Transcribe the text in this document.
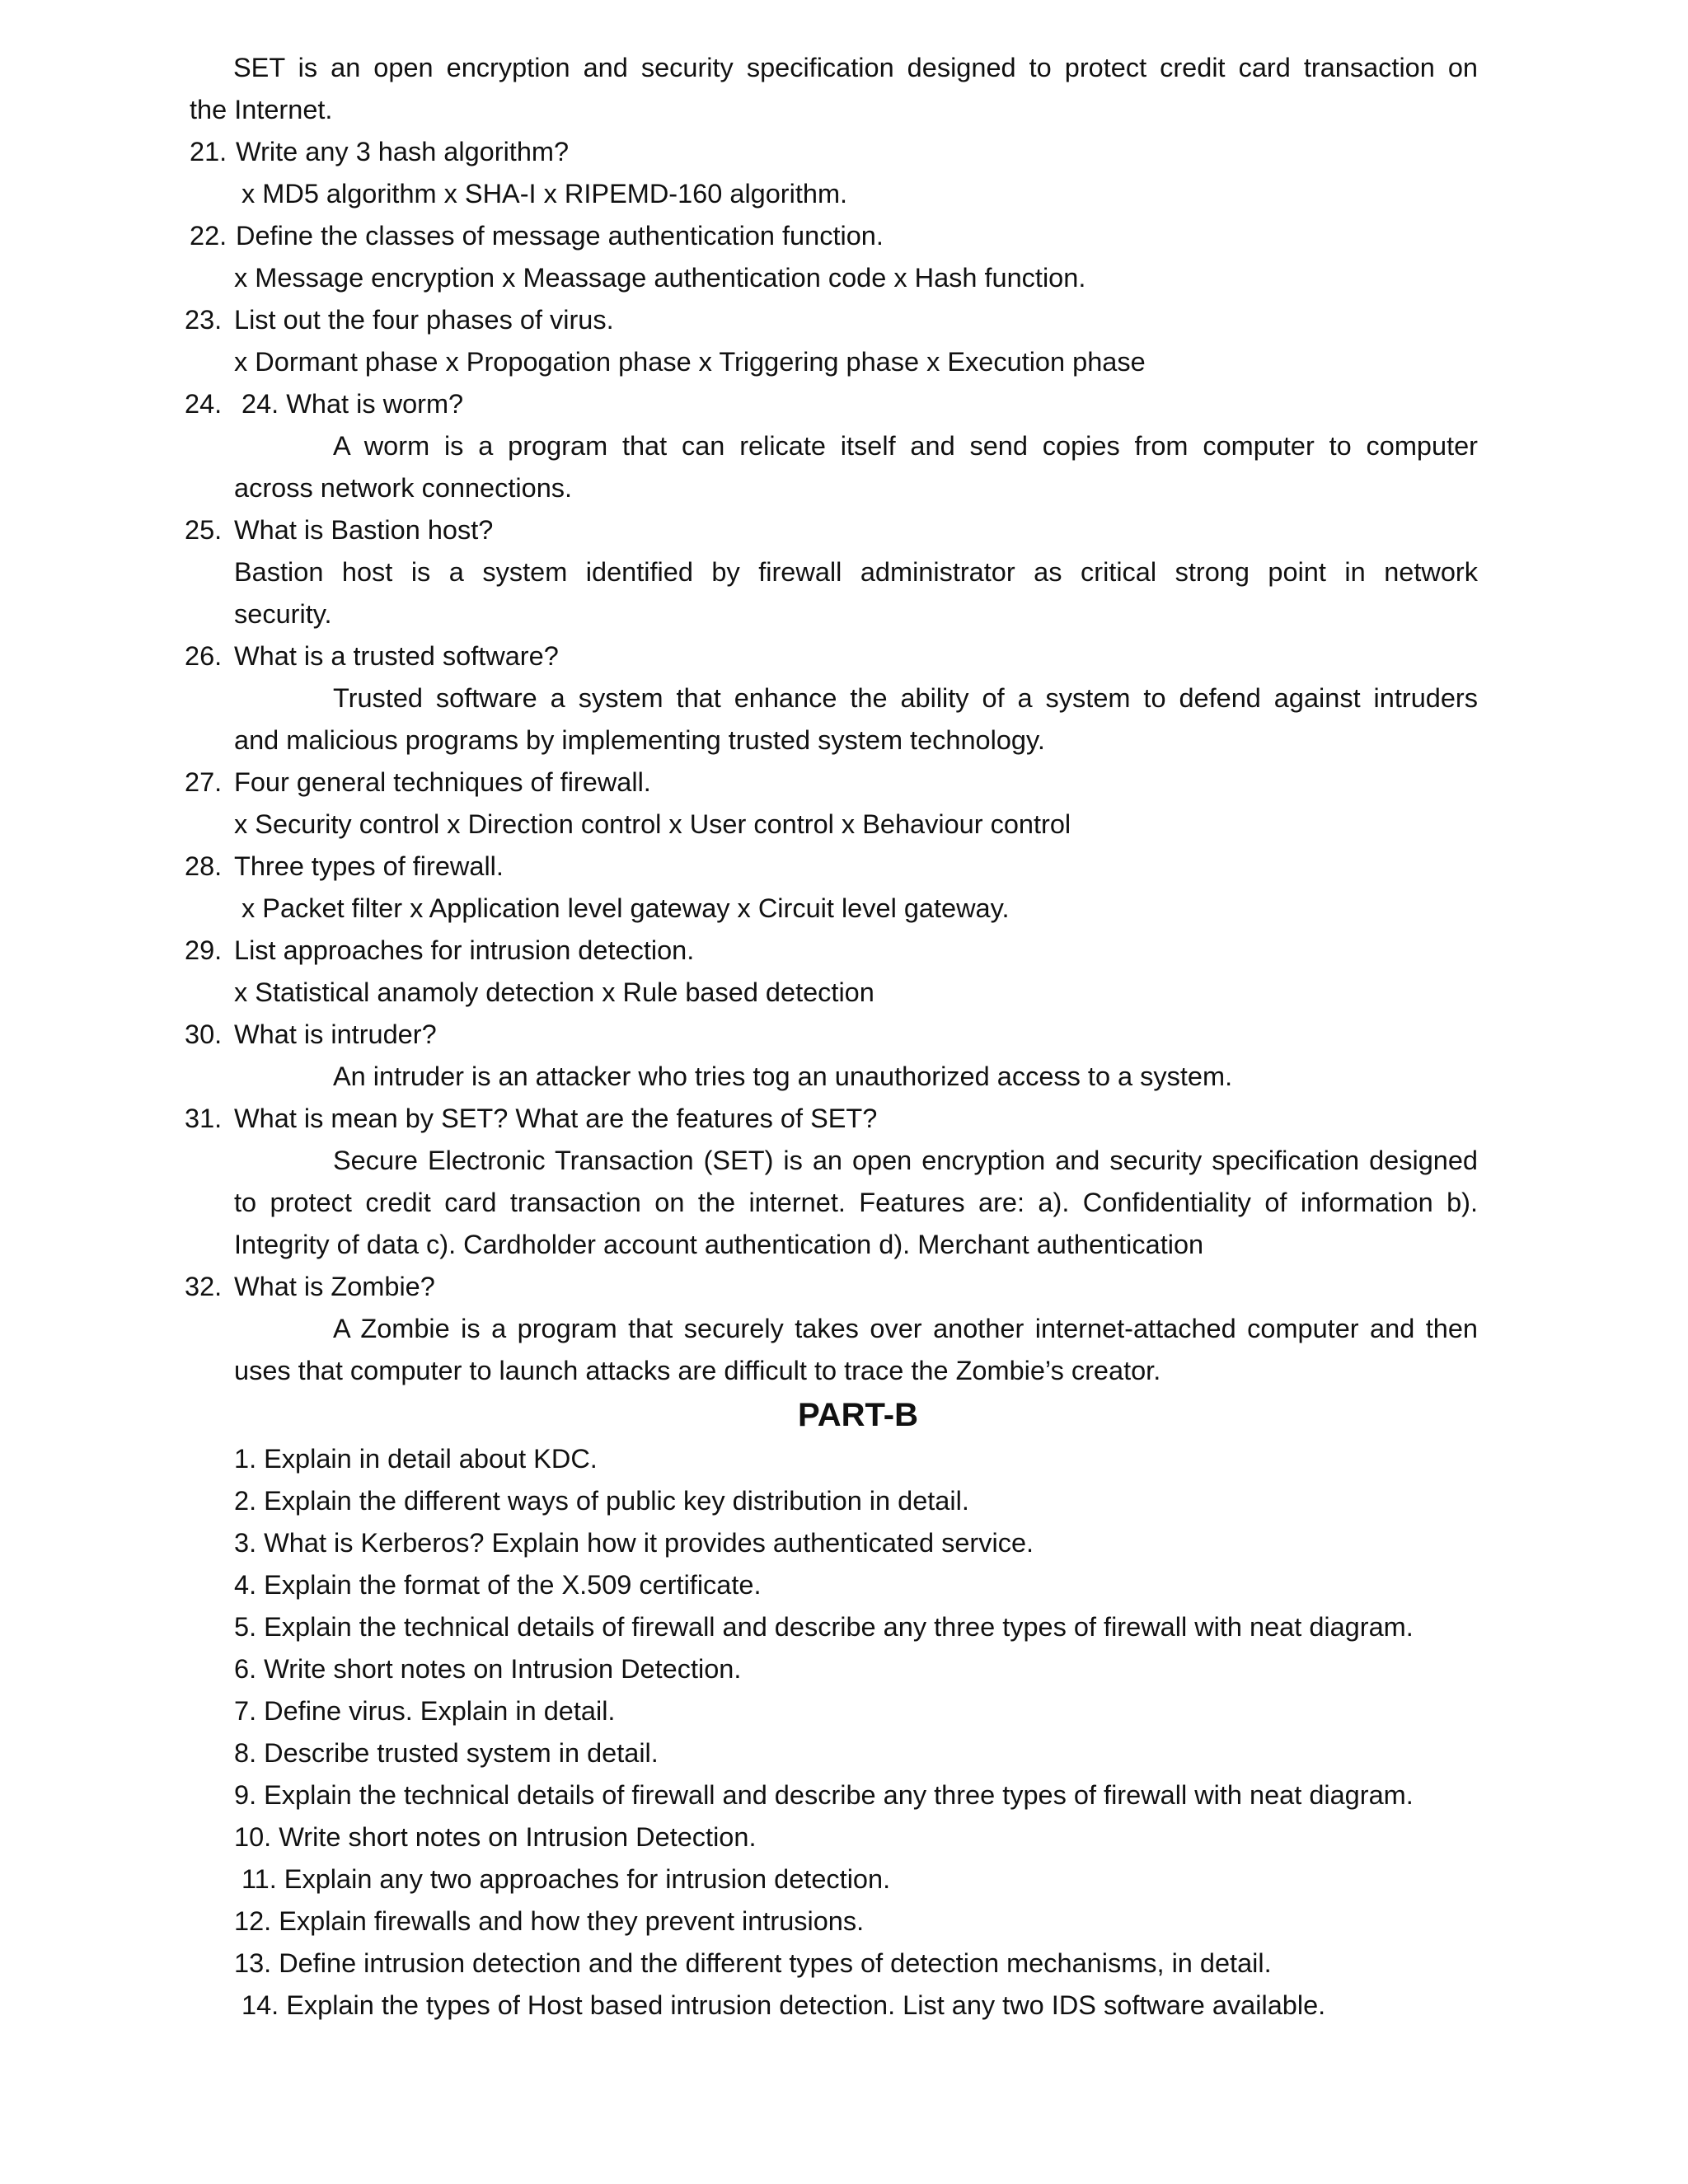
SET is an open encryption and security specification designed to protect credit card transaction on
the Internet.
21. Write any 3 hash algorithm?
x MD5 algorithm x SHA-I x RIPEMD-160 algorithm.
22. Define the classes of message authentication function.
x Message encryption x Meassage authentication code x Hash function.
23. List out the four phases of virus.
x Dormant phase x Propogation phase x Triggering phase x Execution phase
24. 24. What is worm?
A worm is a program that can relicate itself and send copies from computer to computer
across network connections.
25. What is Bastion host?
Bastion host is a system identified by firewall administrator as critical strong point in network
security.
26. What is a trusted software?
Trusted software a system that enhance the ability of a system to defend against intruders
and malicious programs by implementing trusted system technology.
27. Four general techniques of firewall.
x Security control x Direction control x User control x Behaviour control
28. Three types of firewall.
x Packet filter x Application level gateway x Circuit level gateway.
29. List approaches for intrusion detection.
x Statistical anamoly detection x Rule based detection
30. What is intruder?
An intruder is an attacker who tries tog an unauthorized access to a system.
31. What is mean by SET? What are the features of SET?
Secure Electronic Transaction (SET) is an open encryption and security specification designed
to protect credit card transaction on the internet. Features are: a). Confidentiality of information b).
Integrity of data c). Cardholder account authentication d). Merchant authentication
32. What is Zombie?
A Zombie is a program that securely takes over another internet-attached computer and then
uses that computer to launch attacks are difficult to trace the Zombie’s creator.
PART-B
1. Explain in detail about KDC.
2. Explain the different ways of public key distribution in detail.
3. What is Kerberos? Explain how it provides authenticated service.
4. Explain the format of the X.509 certificate.
5. Explain the technical details of firewall and describe any three types of firewall with neat diagram.
6. Write short notes on Intrusion Detection.
7. Define virus. Explain in detail.
8. Describe trusted system in detail.
9. Explain the technical details of firewall and describe any three types of firewall with neat diagram.
10. Write short notes on Intrusion Detection.
11. Explain any two approaches for intrusion detection.
12. Explain firewalls and how they prevent intrusions.
13. Define intrusion detection and the different types of detection mechanisms, in detail.
14. Explain the types of Host based intrusion detection. List any two IDS software available.
